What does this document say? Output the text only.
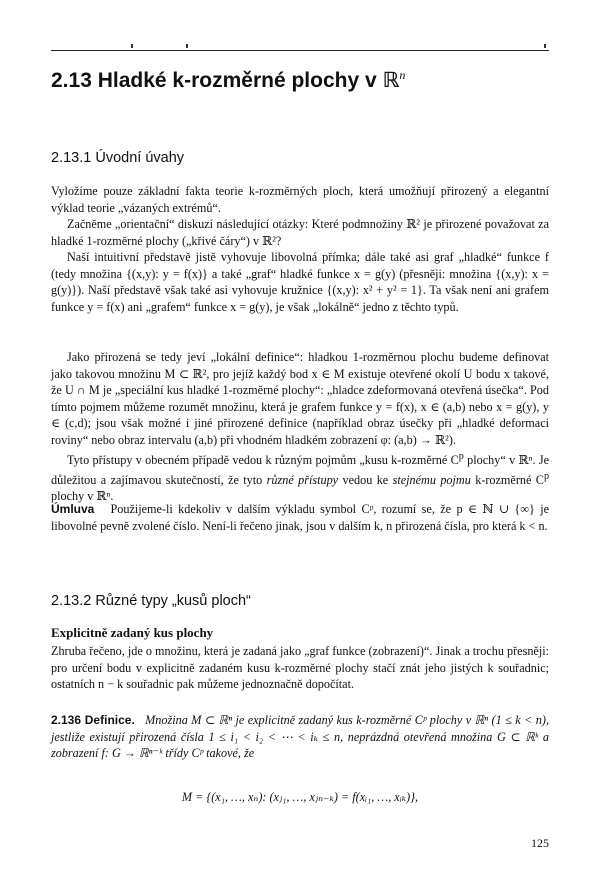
2.13 Hladké k-rozměrné plochy v ℝ$^n$
2.13.1 Úvodní úvahy

Vyložíme pouze základní fakta teorie k-rozměrných ploch, která umožňují přirozený a elegantní výklad teorie „vázaných extrémů“.

Začněme „orientační“ diskuzí následující otázky: Které podmnožiny ℝ² je přirozené považovat za hladké 1-rozměrné plochy („křivé čáry“) v ℝ²?

Naší intuitivní představě jistě vyhovuje libovolná přímka; dále také asi graf „hladké“ funkce f (tedy množina {(x,y): y = f(x)} a také „graf“ hladké funkce x = g(y) (přesněji: množina {(x,y): x = g(y)}). Naší představě však také asi vyhovuje kružnice {(x,y): x² + y² = 1}. Ta však není ani grafem funkce y = f(x) ani „grafem“ funkce x = g(y), je však „lokálně“ jedno z těchto typů.

Jako přirozená se tedy jeví „lokální definice“: hladkou 1-rozměrnou plochu budeme definovat jako takovou množinu M ⊂ ℝ², pro jejíž každý bod x ∈ M existuje otevřené okolí U bodu x takové, že U ∩ M je „speciální kus hladké 1-rozměrné plochy“: „hladce zdeformovaná otevřená úsečka“. Pod tímto pojmem můžeme rozumět množinu, která je grafem funkce y = f(x), x ∈ (a,b) nebo x = g(y), y ∈ (c,d); jsou však možné i jiné přirozené definice (například obraz úsečky při „hladké deformaci roviny“ nebo obraz intervalu (a,b) při vhodném hladkém zobrazení φ: (a,b) → ℝ²).

Tyto přístupy v obecném případě vedou k různým pojmům „kusu k-rozměrné $C^p$ plochy“ v ℝⁿ. Je důležitou a zajímavou skutečností, že tyto různé přístupy vedou ke stejnému pojmu k-rozměrné $C^p$ plochy v ℝⁿ.

Úmluva Použijeme-li kdekoliv v dalším výkladu symbol Cᵖ, rozumí se, že p ∈ ℕ ∪ {∞} je libovolné pevně zvolené číslo. Není-li řečeno jinak, jsou v dalším k, n přirozená čísla, pro která k < n.

2.13.2 Různé typy „kusů ploch“
Explicitně zadaný kus plochy

Zhruba řečeno, jde o množinu, která je zadaná jako „graf funkce (zobrazení)“. Jinak a trochu přesněji: pro určení bodu v explicitně zadaném kusu k-rozměrné plochy stačí znát jeho jistých k souřadnic; ostatních n − k souřadnic pak můžeme jednoznačně dopočítat.

2.136 Definice. Množina M ⊂ ℝⁿ je explicitně zadaný kus k-rozměrné Cᵖ plochy v ℝⁿ (1 ≤ k < n), jestliže existují přirozená čísla 1 ≤ i₁ < i₂ < ⋯ < iₖ ≤ n, neprázdná otevřená množina G ⊂ ℝᵏ a zobrazení f: G → ℝⁿ⁻ᵏ třídy Cᵖ takové, že

M = {(x₁, …, xₙ): (xⱼ₁, …, xⱼₙ₋ₖ) = f(xᵢ₁, …, xᵢₖ)},
125
